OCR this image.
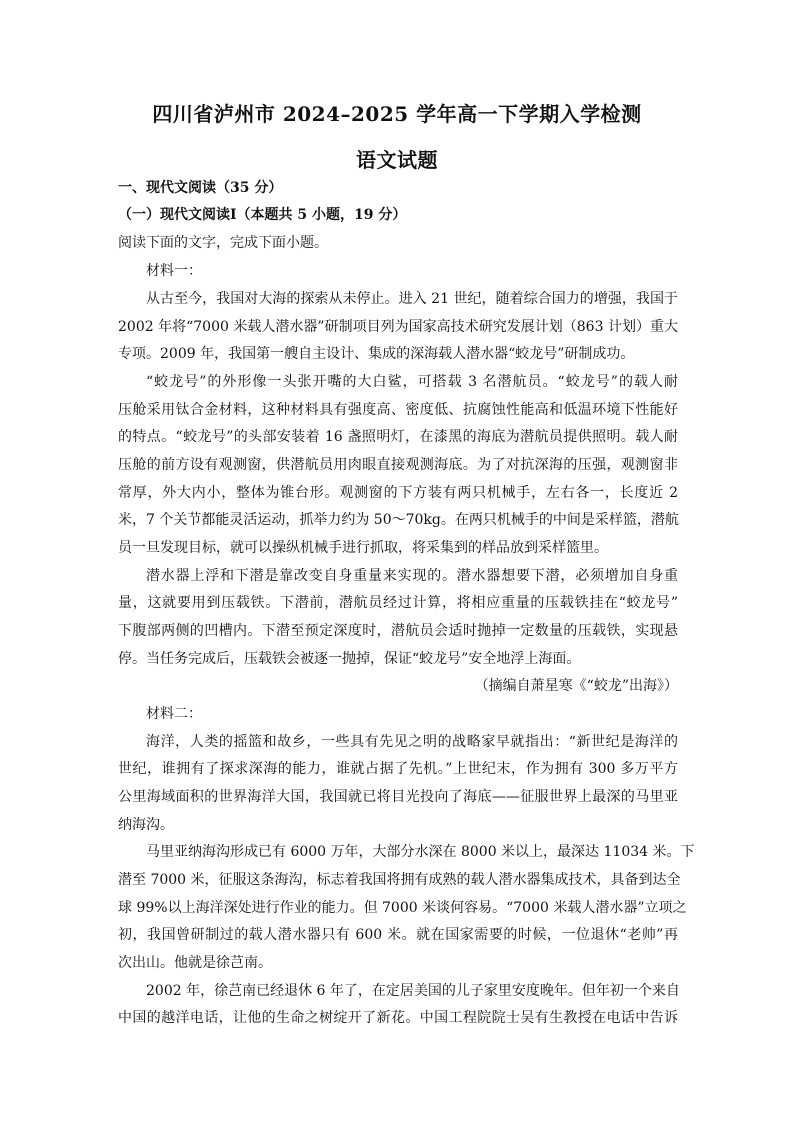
四川省泸州市 2024–2025 学年高一下学期入学检测
语文试题
一、现代文阅读（35 分）
（一）现代文阅读Ⅰ（本题共 5 小题，19 分）
阅读下面的文字，完成下面小题。
材料一：
从古至今，我国对大海的探索从未停止。进入 21 世纪，随着综合国力的增强，我国于
2002 年将“7000 米载人潜水器”研制项目列为国家高技术研究发展计划（863 计划）重大
专项。2009 年，我国第一艘自主设计、集成的深海载人潜水器“蛟龙号”研制成功。
“蛟龙号”的外形像一头张开嘴的大白鲨，可搭载 3 名潜航员。“蛟龙号”的载人耐
压舱采用钛合金材料，这种材料具有强度高、密度低、抗腐蚀性能高和低温环境下性能好
的特点。“蛟龙号”的头部安装着 16 盏照明灯，在漆黑的海底为潜航员提供照明。载人耐
压舱的前方设有观测窗，供潜航员用肉眼直接观测海底。为了对抗深海的压强，观测窗非
常厚，外大内小，整体为锥台形。观测窗的下方装有两只机械手，左右各一，长度近 2
米，7 个关节都能灵活运动，抓举力约为 50～70kg。在两只机械手的中间是采样篮，潜航
员一旦发现目标，就可以操纵机械手进行抓取，将采集到的样品放到采样篮里。
潜水器上浮和下潜是靠改变自身重量来实现的。潜水器想要下潜，必须增加自身重
量，这就要用到压载铁。下潜前，潜航员经过计算，将相应重量的压载铁挂在“蛟龙号”
下腹部两侧的凹槽内。下潜至预定深度时，潜航员会适时抛掉一定数量的压载铁，实现悬
停。当任务完成后，压载铁会被逐一抛掉，保证“蛟龙号”安全地浮上海面。
（摘编自萧星寒《“蛟龙”出海》）
材料二：
海洋，人类的摇篮和故乡，一些具有先见之明的战略家早就指出：“新世纪是海洋的
世纪，谁拥有了探求深海的能力，谁就占据了先机。”上世纪末，作为拥有 300 多万平方
公里海域面积的世界海洋大国，我国就已将目光投向了海底——征服世界上最深的马里亚
纳海沟。
马里亚纳海沟形成已有 6000 万年，大部分水深在 8000 米以上，最深达 11034 米。下
潜至 7000 米，征服这条海沟，标志着我国将拥有成熟的载人潜水器集成技术，具备到达全
球 99%以上海洋深处进行作业的能力。但 7000 米谈何容易。“7000 米载人潜水器”立项之
初，我国曾研制过的载人潜水器只有 600 米。就在国家需要的时候，一位退休“老帅”再
次出山。他就是徐芑南。
2002 年，徐芑南已经退休 6 年了，在定居美国的儿子家里安度晚年。但年初一个来自
中国的越洋电话，让他的生命之树绽开了新花。中国工程院院士吴有生教授在电话中告诉
